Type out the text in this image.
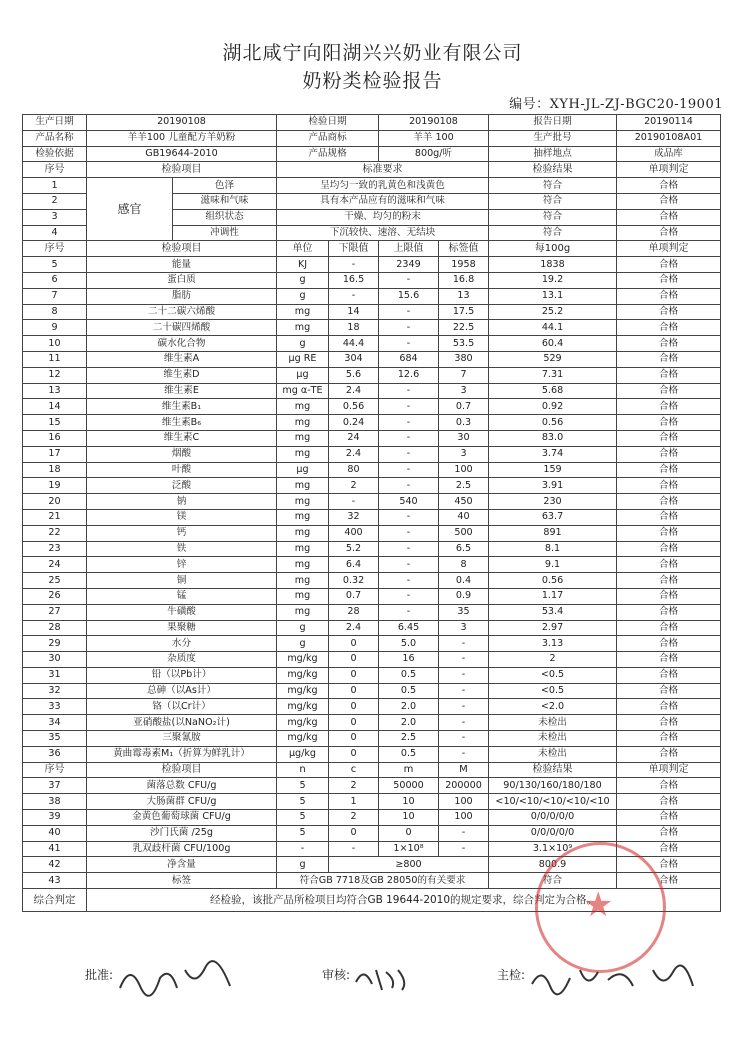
湖北咸宁向阳湖兴兴奶业有限公司
奶粉类检验报告
编号：XYH-JL-ZJ-BGC20-19001
生产日期	20190108		检验日期		20190108		报告日期	20190114
产品名称	羊羊100 儿童配方羊奶粉		产品商标		羊羊 100		生产批号	20190108A01
检验依据	GB19644-2010		产品规格		800g/听		抽样地点	成品库
序号	检验项目		标准要求				检验结果	单项判定
1	感官	色泽	呈均匀一致的乳黄色和浅黄色				符合	合格
2		滋味和气味	具有本产品应有的滋味和气味				符合	合格
3		组织状态	干燥、均匀的粉末				符合	合格
4		冲调性	下沉较快、速溶、无结块				符合	合格
序号	检验项目		单位	下限值	上限值	标签值	每100g	单项判定
5	能量		KJ	-	2349	1958	1838	合格
6	蛋白质		g	16.5	-	16.8	19.2	合格
7	脂肪		g	-	15.6	13	13.1	合格
8	二十二碳六烯酸		mg	14	-	17.5	25.2	合格
9	二十碳四烯酸		mg	18	-	22.5	44.1	合格
10	碳水化合物		g	44.4	-	53.5	60.4	合格
11	维生素A		μg RE	304	684	380	529	合格
12	维生素D		μg	5.6	12.6	7	7.31	合格
13	维生素E		mg α-TE	2.4	-	3	5.68	合格
14	维生素B₁		mg	0.56	-	0.7	0.92	合格
15	维生素B₆		mg	0.24	-	0.3	0.56	合格
16	维生素C		mg	24	-	30	83.0	合格
17	烟酸		mg	2.4	-	3	3.74	合格
18	叶酸		μg	80	-	100	159	合格
19	泛酸		mg	2	-	2.5	3.91	合格
20	钠		mg	-	540	450	230	合格
21	镁		mg	32	-	40	63.7	合格
22	钙		mg	400	-	500	891	合格
23	铁		mg	5.2	-	6.5	8.1	合格
24	锌		mg	6.4	-	8	9.1	合格
25	铜		mg	0.32	-	0.4	0.56	合格
26	锰		mg	0.7	-	0.9	1.17	合格
27	牛磺酸		mg	28	-	35	53.4	合格
28	果聚糖		g	2.4	6.45	3	2.97	合格
29	水分		g	0	5.0	-	3.13	合格
30	杂质度		mg/kg	0	16	-	2	合格
31	铅（以Pb计）		mg/kg	0	0.5	-	<0.5	合格
32	总砷（以As计）		mg/kg	0	0.5	-	<0.5	合格
33	铬（以Cr计）		mg/kg	0	2.0	-	<2.0	合格
34	亚硝酸盐(以NaNO₂计)		mg/kg	0	2.0	-	未检出	合格
35	三聚氰胺		mg/kg	0	2.5	-	未检出	合格
36	黄曲霉毒素M₁（折算为鲜乳计）		μg/kg	0	0.5	-	未检出	合格
序号	检验项目		n	c	m	M	检验结果	单项判定
37	菌落总数 CFU/g		5	2	50000	200000	90/130/160/180/180	合格
38	大肠菌群 CFU/g		5	1	10	100	<10/<10/<10/<10/<10	合格
39	金黄色葡萄球菌 CFU/g		5	2	10	100	0/0/0/0/0	合格
40	沙门氏菌 /25g		5	0	0	-	0/0/0/0/0	合格
41	乳双歧杆菌 CFU/100g		-	-	1×10⁸	-	3.1×10⁹	合格
42	净含量		g	≥800			800.9	合格
43	标签		符合GB 7718及GB 28050的有关要求				符合	合格
综合判定	经检验，该批产品所检项目均符合GB 19644-2010的规定要求，综合判定为合格。							
★
批准:	审核:	主检:
